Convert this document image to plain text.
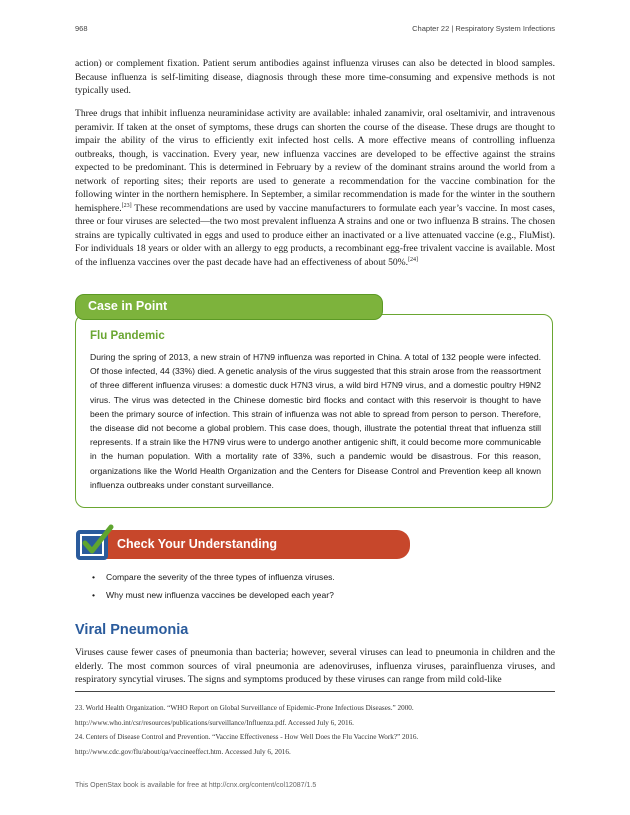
968	Chapter 22 | Respiratory System Infections

action) or complement fixation. Patient serum antibodies against influenza viruses can also be detected in blood samples. Because influenza is self-limiting disease, diagnosis through these more time-consuming and expensive methods is not typically used.

Three drugs that inhibit influenza neuraminidase activity are available: inhaled zanamivir, oral oseltamivir, and intravenous peramivir. If taken at the onset of symptoms, these drugs can shorten the course of the disease. These drugs are thought to impair the ability of the virus to efficiently exit infected host cells. A more effective means of controlling influenza outbreaks, though, is vaccination. Every year, new influenza vaccines are developed to be effective against the strains expected to be predominant. This is determined in February by a review of the dominant strains around the world from a network of reporting sites; their reports are used to generate a recommendation for the vaccine combination for the following winter in the northern hemisphere. In September, a similar recommendation is made for the winter in the southern hemisphere.[23] These recommendations are used by vaccine manufacturers to formulate each year’s vaccine. In most cases, three or four viruses are selected—the two most prevalent influenza A strains and one or two influenza B strains. The chosen strains are typically cultivated in eggs and used to produce either an inactivated or a live attenuated vaccine (e.g., FluMist). For individuals 18 years or older with an allergy to egg products, a recombinant egg-free trivalent vaccine is available. Most of the influenza vaccines over the past decade have had an effectiveness of about 50%.[24]

Case in Point
Flu Pandemic

During the spring of 2013, a new strain of H7N9 influenza was reported in China. A total of 132 people were infected. Of those infected, 44 (33%) died. A genetic analysis of the virus suggested that this strain arose from the reassortment of three different influenza viruses: a domestic duck H7N3 virus, a wild bird H7N9 virus, and a domestic poultry H9N2 virus. The virus was detected in the Chinese domestic bird flocks and contact with this reservoir is thought to have been the primary source of infection. This strain of influenza was not able to spread from person to person. Therefore, the disease did not become a global problem. This case does, though, illustrate the potential threat that influenza still represents. If a strain like the H7N9 virus were to undergo another antigenic shift, it could become more communicable in the human population. With a mortality rate of 33%, such a pandemic would be disastrous. For this reason, organizations like the World Health Organization and the Centers for Disease Control and Prevention keep all known influenza outbreaks under constant surveillance.

Check Your Understanding
• Compare the severity of the three types of influenza viruses.
• Why must new influenza vaccines be developed each year?
Viral Pneumonia

Viruses cause fewer cases of pneumonia than bacteria; however, several viruses can lead to pneumonia in children and the elderly. The most common sources of viral pneumonia are adenoviruses, influenza viruses, parainfluenza viruses, and respiratory syncytial viruses. The signs and symptoms produced by these viruses can range from mild cold-like

23. World Health Organization. “WHO Report on Global Surveillance of Epidemic-Prone Infectious Diseases.” 2000. http://www.who.int/csr/resources/publications/surveillance/Influenza.pdf. Accessed July 6, 2016.

24. Centers of Disease Control and Prevention. “Vaccine Effectiveness - How Well Does the Flu Vaccine Work?” 2016. http://www.cdc.gov/flu/about/qa/vaccineeffect.htm. Accessed July 6, 2016.

This OpenStax book is available for free at http://cnx.org/content/col12087/1.5
